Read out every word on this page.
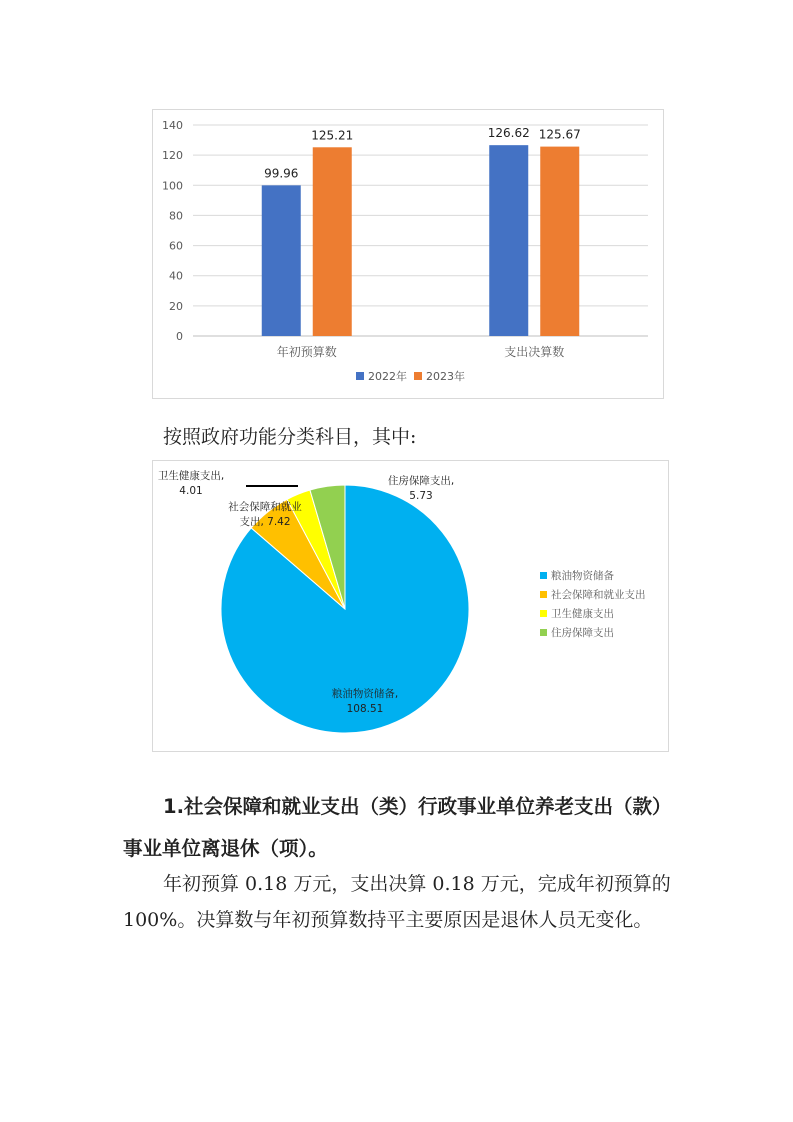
0
20
40
60
80
100
120
140
99.96
125.21
年初预算数
126.62 125.67
支出决算数
2022年 2023年

按照政府功能分类科目，其中:

粮油物资储备,
108.51
社会保障和就业
支出, 7.42
卫生健康支出,
4.01
住房保障支出,
5.73
粮油物资储备
社会保障和就业支出
卫生健康支出
住房保障支出

1.社会保障和就业支出（类）行政事业单位养老支出（款）事业单位离退休（项）。

年初预算 0.18 万元，支出决算 0.18 万元，完成年初预算的 100%。决算数与年初预算数持平主要原因是退休人员无变化。
